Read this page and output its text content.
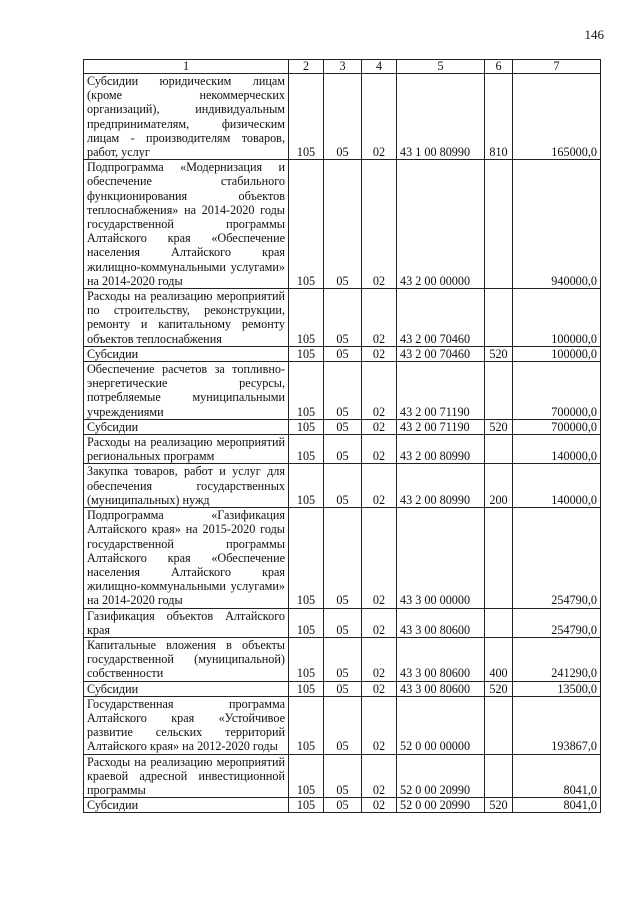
146
1	2	3	4	5	6	7
Субсидии юридическим лицам (кроме некоммерческих организаций), индивидуальным предпринимателям, физическим лицам - производителям товаров, работ, услуг	105	05	02	43 1 00 80990	810	165000,0
Подпрограмма «Модернизация и обеспечение стабильного функционирования объектов теплоснабжения» на 2014-2020 годы государственной программы Алтайского края «Обеспечение населения Алтайского края жилищно-коммунальными услугами» на 2014-2020 годы	105	05	02	43 2 00 00000		940000,0
Расходы на реализацию мероприятий по строительству, реконструкции, ремонту и капитальному ремонту объектов теплоснабжения	105	05	02	43 2 00 70460		100000,0
Субсидии	105	05	02	43 2 00 70460	520	100000,0
Обеспечение расчетов за топливно-энергетические ресурсы, потребляемые муниципальными учреждениями	105	05	02	43 2 00 71190		700000,0
Субсидии	105	05	02	43 2 00 71190	520	700000,0
Расходы на реализацию мероприятий региональных программ	105	05	02	43 2 00 80990		140000,0
Закупка товаров, работ и услуг для обеспечения государственных (муниципальных) нужд	105	05	02	43 2 00 80990	200	140000,0
Подпрограмма «Газификация Алтайского края» на 2015-2020 годы государственной программы Алтайского края «Обеспечение населения Алтайского края жилищно-коммунальными услугами» на 2014-2020 годы	105	05	02	43 3 00 00000		254790,0
Газификация объектов Алтайского края	105	05	02	43 3 00 80600		254790,0
Капитальные вложения в объекты государственной (муниципальной) собственности	105	05	02	43 3 00 80600	400	241290,0
Субсидии	105	05	02	43 3 00 80600	520	13500,0
Государственная программа Алтайского края «Устойчивое развитие сельских территорий Алтайского края» на 2012-2020 годы	105	05	02	52 0 00 00000		193867,0
Расходы на реализацию мероприятий краевой адресной инвестиционной программы	105	05	02	52 0 00 20990		8041,0
Субсидии	105	05	02	52 0 00 20990	520	8041,0
